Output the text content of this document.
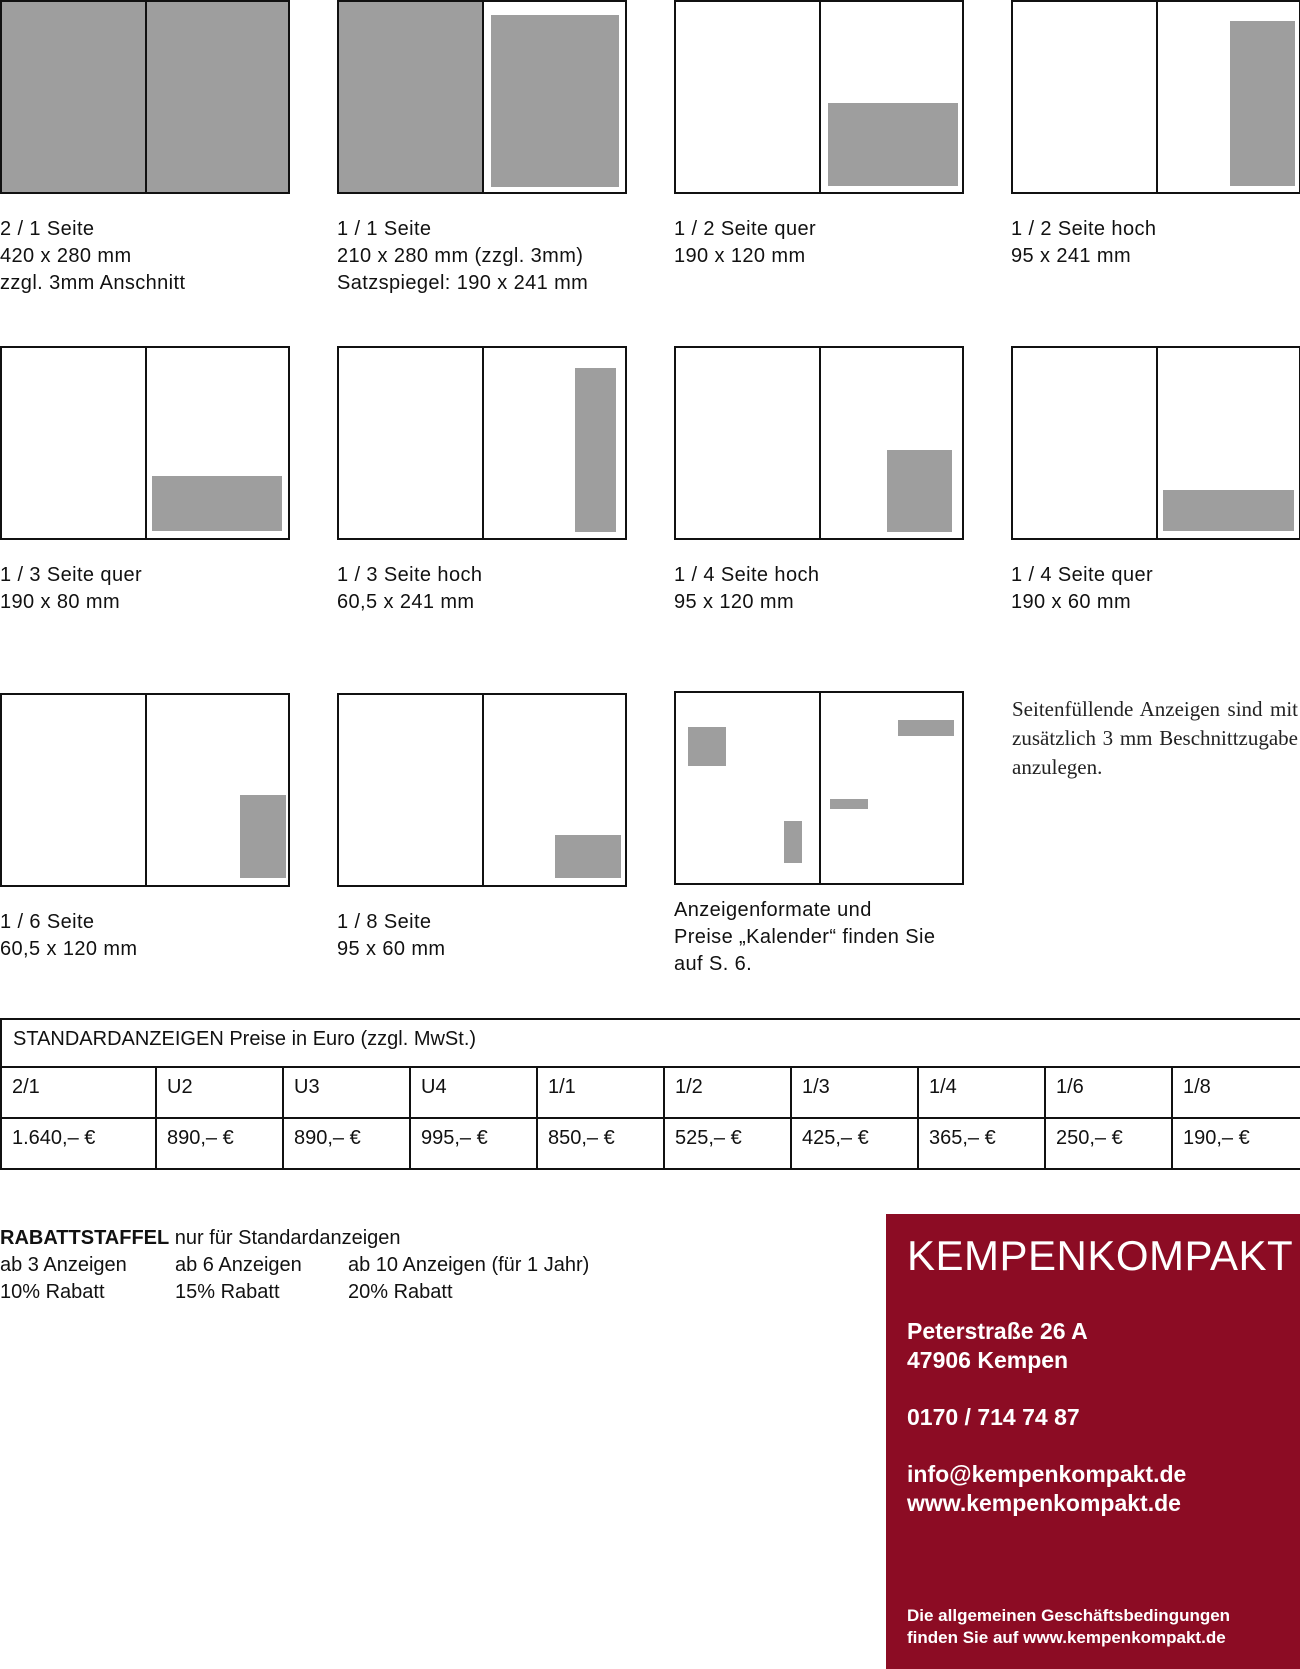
2 / 1 Seite
420 x 280 mm
zzgl. 3mm Anschnitt
1 / 1 Seite
210 x 280 mm (zzgl. 3mm)
Satzspiegel: 190 x 241 mm
1 / 2 Seite quer
190 x 120 mm
1 / 2 Seite hoch
95 x 241 mm
1 / 3 Seite quer
190 x 80 mm
1 / 3 Seite hoch
60,5 x 241 mm
1 / 4 Seite hoch
95 x 120 mm
1 / 4 Seite quer
190 x 60 mm
1 / 6 Seite
60,5 x 120 mm
1 / 8 Seite
95 x 60 mm
Anzeigenformate und
Preise „Kalender“ finden Sie
auf S. 6.
Seitenfüllende Anzeigen sind mit zusätzlich 3 mm Beschnittzugabe anzulegen.
STANDARDANZEIGEN Preise in Euro (zzgl. MwSt.)
2/1	U2	U3	U4	1/1	1/2	1/3	1/4	1/6	1/8
1.640,– €	890,– €	890,– €	995,– €	850,– €	525,– €	425,– €	365,– €	250,– €	190,– €
RABATTSTAFFEL nur für Standardanzeigen
ab 3 Anzeigen	ab 6 Anzeigen	ab 10 Anzeigen (für 1 Jahr)
10% Rabatt	15% Rabatt	20% Rabatt
KEMPENKOMPAKT
Peterstraße 26 A
47906 Kempen
0170 / 714 74 87
info@kempenkompakt.de
www.kempenkompakt.de
Die allgemeinen Geschäftsbedingungen
finden Sie auf www.kempenkompakt.de
